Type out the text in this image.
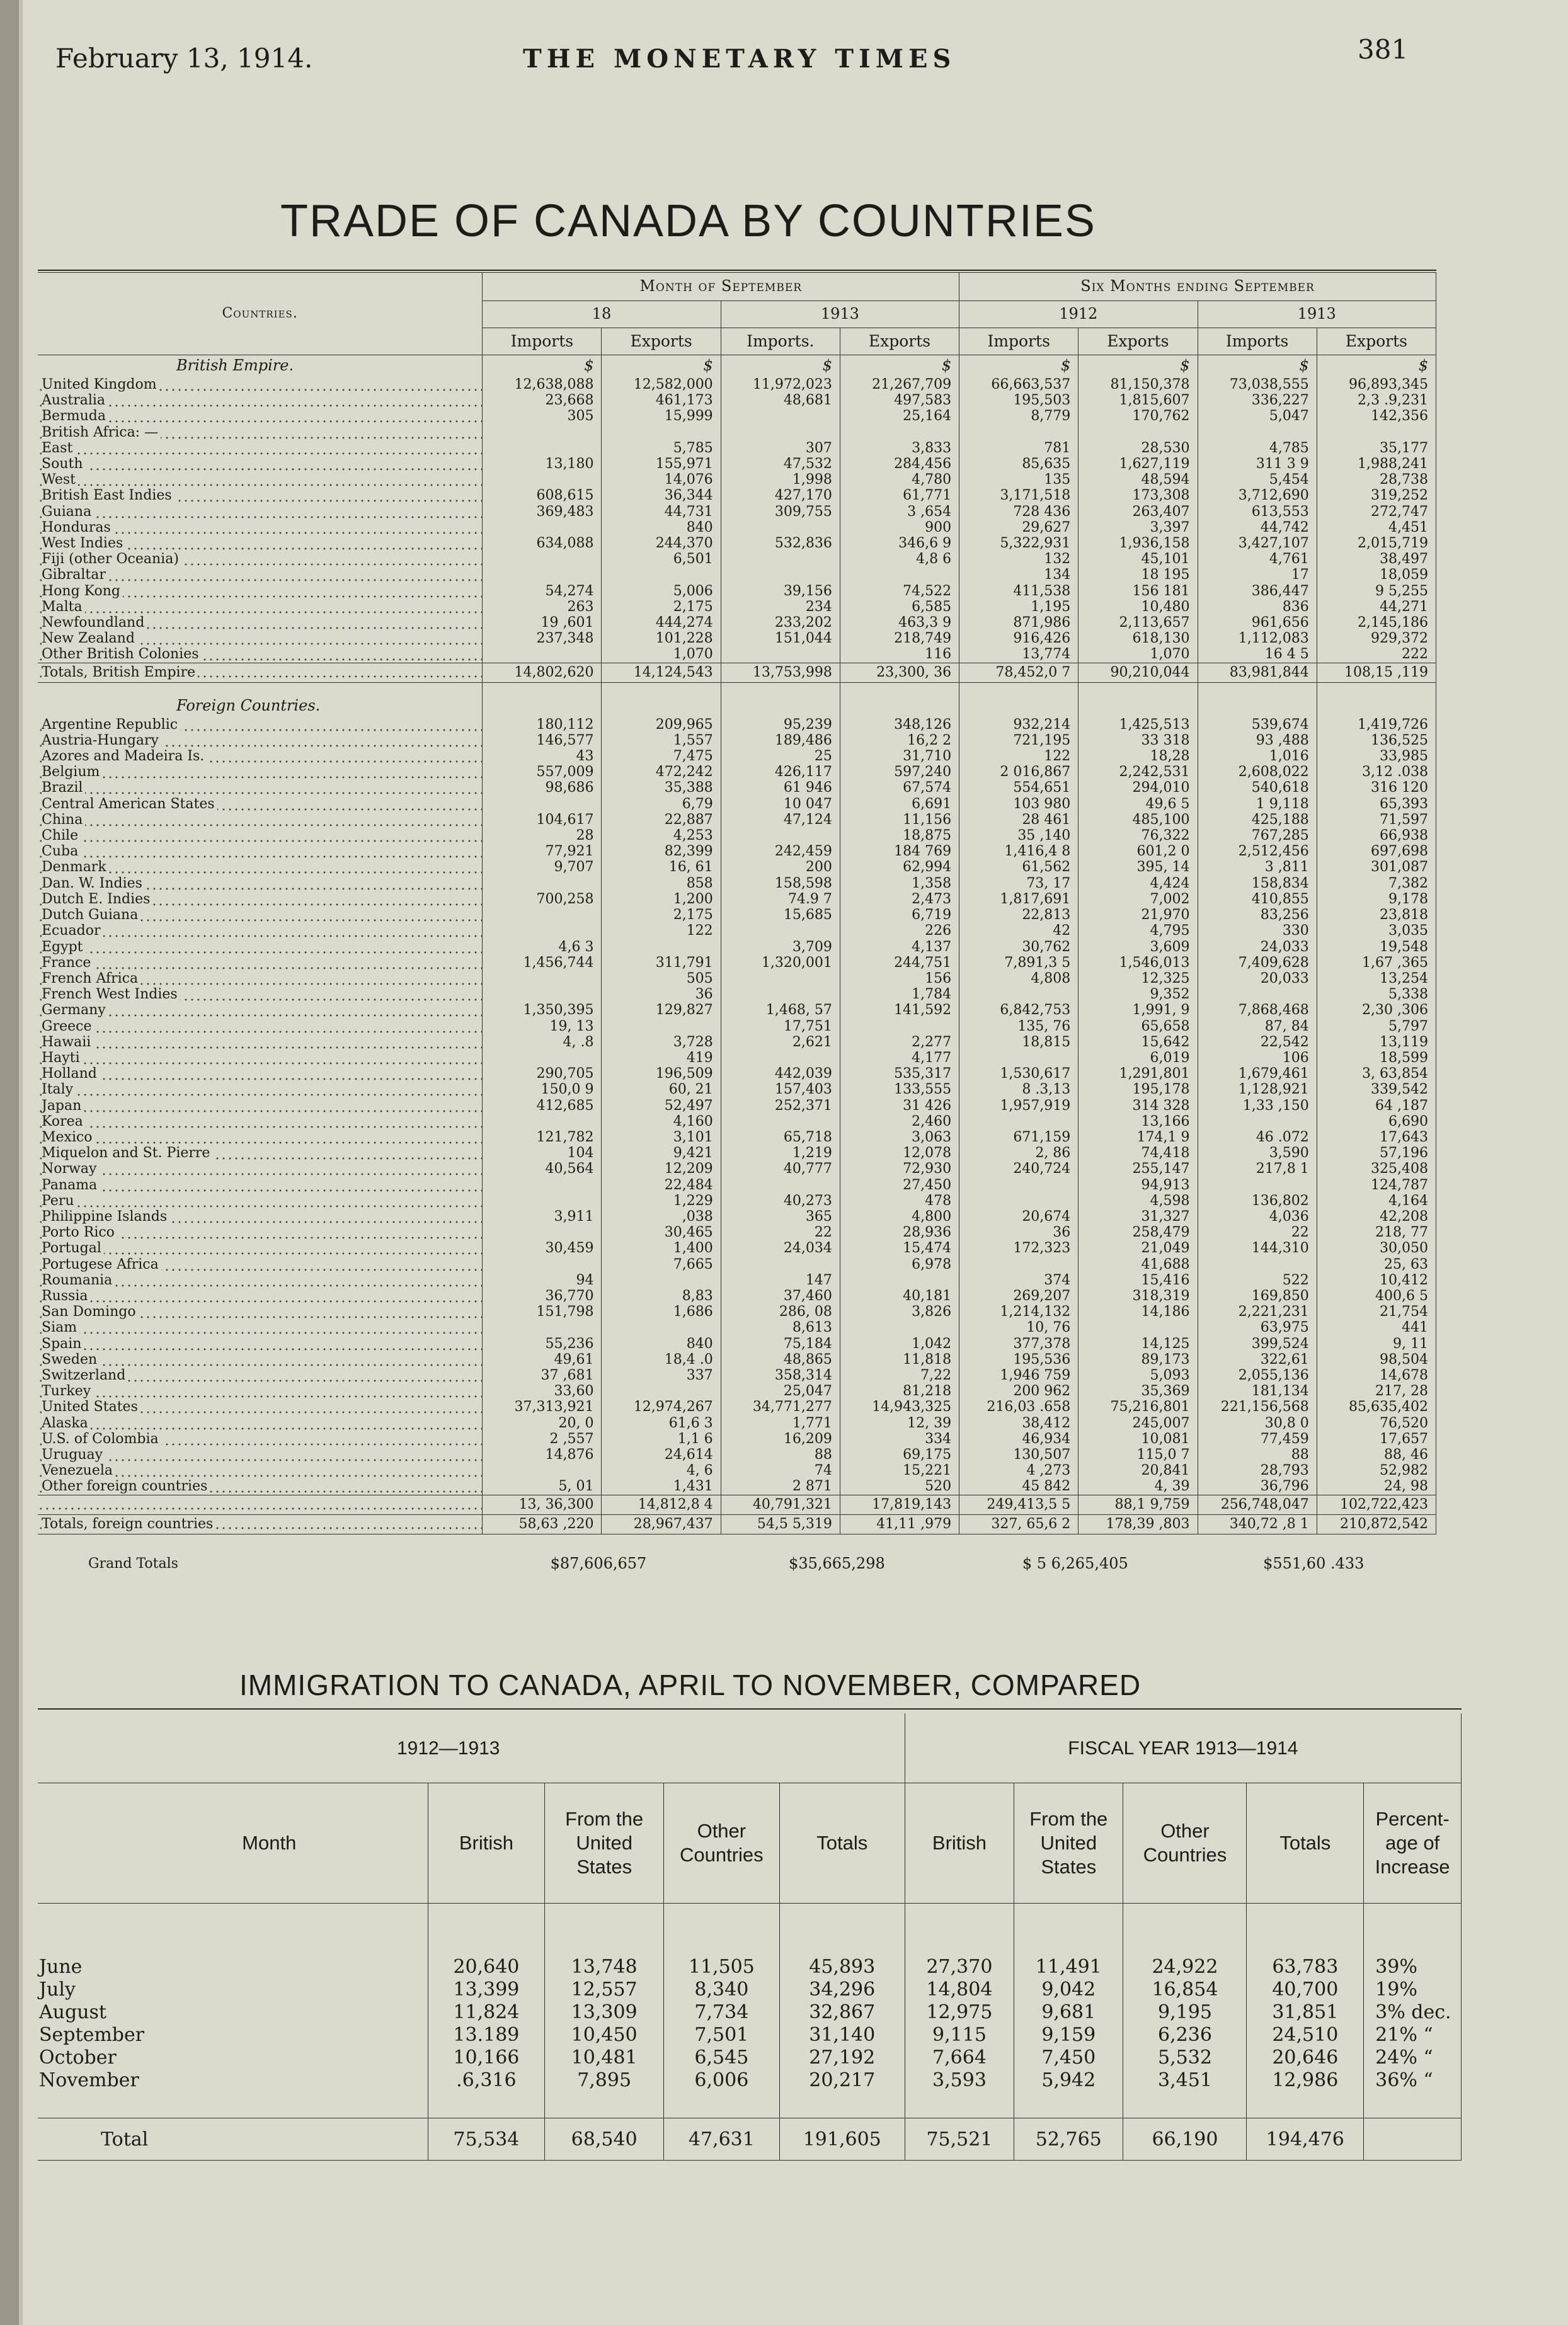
February 13, 1914.	THE MONETARY TIMES	381
TRADE OF CANADA BY COUNTRIES
Countries.	Month of September				Six Months ending September			
	18		1913		1912		1913	
	Imports	Exports	Imports.	Exports	Imports	Exports	Imports	Exports
British Empire.	$	$	$	$	$	$	$	$
United Kingdom	12,638,088	12,582,000	11,972,023	21,267,709	66,663,537	81,150,378	73,038,555	96,893,345
Australia	23,668	461,173	48,681	497,583	195,503	1,815,607	336,227	2,3 .9,231
Bermuda	305	15,999		25,164	8,779	170,762	5,047	142,356
British Africa: —								
East		5,785	307	3,833	781	28,530	4,785	35,177
South	13,180	155,971	47,532	284,456	85,635	1,627,119	311 3 9	1,988,241
West		14,076	1,998	4,780	135	48,594	5,454	28,738
British East Indies	608,615	36,344	427,170	61,771	3,171,518	173,308	3,712,690	319,252
Guiana	369,483	44,731	309,755	3 ,654	728 436	263,407	613,553	272,747
Honduras		840		900	29,627	3,397	44,742	4,451
West Indies	634,088	244,370	532,836	346,6 9	5,322,931	1,936,158	3,427,107	2,015,719
Fiji (other Oceania)		6,501		4,8 6	132	45,101	4,761	38,497
Gibraltar					134	18 195	17	18,059
Hong Kong	54,274	5,006	39,156	74,522	411,538	156 181	386,447	9 5,255
Malta	263	2,175	234	6,585	1,195	10,480	836	44,271
Newfoundland	19 ,601	444,274	233,202	463,3 9	871,986	2,113,657	961,656	2,145,186
New Zealand	237,348	101,228	151,044	218,749	916,426	618,130	1,112,083	929,372
Other British Colonies		1,070		116	13,774	1,070	16 4 5	222
Totals, British Empire	14,802,620	14,124,543	13,753,998	23,300, 36	78,452,0 7	90,210,044	83,981,844	108,15 ,119

Foreign Countries.								
Argentine Republic	180,112	209,965	95,239	348,126	932,214	1,425,513	539,674	1,419,726
Austria-Hungary	146,577	1,557	189,486	16,2 2	721,195	33 318	93 ,488	136,525
Azores and Madeira Is.	43	7,475	25	31,710	122	18,28	1,016	33,985
Belgium	557,009	472,242	426,117	597,240	2 016,867	2,242,531	2,608,022	3,12 .038
Brazil	98,686	35,388	61 946	67,574	554,651	294,010	540,618	316 120
Central American States		6,79	10 047	6,691	103 980	49,6 5	1 9,118	65,393
China	104,617	22,887	47,124	11,156	28 461	485,100	425,188	71,597
Chile	28	4,253		18,875	35 ,140	76,322	767,285	66,938
Cuba	77,921	82,399	242,459	184 769	1,416,4 8	601,2 0	2,512,456	697,698
Denmark	9,707	16, 61	200	62,994	61,562	395, 14	3 ,811	301,087
Dan. W. Indies		858	158,598	1,358	73, 17	4,424	158,834	7,382
Dutch E. Indies	700,258	1,200	74.9 7	2,473	1,817,691	7,002	410,855	9,178
Dutch Guiana		2,175	15,685	6,719	22,813	21,970	83,256	23,818
Ecuador		122		226	42	4,795	330	3,035
Egypt	4,6 3		3,709	4,137	30,762	3,609	24,033	19,548
France	1,456,744	311,791	1,320,001	244,751	7,891,3 5	1,546,013	7,409,628	1,67 ,365
French Africa		505		156	4,808	12,325	20,033	13,254
French West Indies		36		1,784		9,352		5,338
Germany	1,350,395	129,827	1,468, 57	141,592	6,842,753	1,991, 9	7,868,468	2,30 ,306
Greece	19, 13		17,751		135, 76	65,658	87, 84	5,797
Hawaii	4, .8	3,728	2,621	2,277	18,815	15,642	22,542	13,119
Hayti		419		4,177		6,019	106	18,599
Holland	290,705	196,509	442,039	535,317	1,530,617	1,291,801	1,679,461	3, 63,854
Italy	150,0 9	60, 21	157,403	133,555	8 .3,13	195,178	1,128,921	339,542
Japan	412,685	52,497	252,371	31 426	1,957,919	314 328	1,33 ,150	64 ,187
Korea		4,160		2,460		13,166		6,690
Mexico	121,782	3,101	65,718	3,063	671,159	174,1 9	46 .072	17,643
Miquelon and St. Pierre	104	9,421	1,219	12,078	2, 86	74,418	3,590	57,196
Norway	40,564	12,209	40,777	72,930	240,724	255,147	217,8 1	325,408
Panama		22,484		27,450		94,913		124,787
Peru		1,229	40,273	478		4,598	136,802	4,164
Philippine Islands	3,911	,038	365	4,800	20,674	31,327	4,036	42,208
Porto Rico		30,465	22	28,936	36	258,479	22	218, 77
Portugal	30,459	1,400	24,034	15,474	172,323	21,049	144,310	30,050
Portugese Africa		7,665		6,978		41,688		25, 63
Roumania	94		147		374	15,416	522	10,412
Russia	36,770	8,83	37,460	40,181	269,207	318,319	169,850	400,6 5
San Domingo	151,798	1,686	286, 08	3,826	1,214,132	14,186	2,221,231	21,754
Siam			8,613		10, 76		63,975	441
Spain	55,236	840	75,184	1,042	377,378	14,125	399,524	9, 11
Sweden	49,61	18,4 .0	48,865	11,818	195,536	89,173	322,61	98,504
Switzerland	37 ,681	337	358,314	7,22	1,946 759	5,093	2,055,136	14,678
Turkey	33,60		25,047	81,218	200 962	35,369	181,134	217, 28
United States	37,313,921	12,974,267	34,771,277	14,943,325	216,03 .658	75,216,801	221,156,568	85,635,402
Alaska	20, 0	61,6 3	1,771	12, 39	38,412	245,007	30,8 0	76,520
U.S. of Colombia	2 ,557	1,1 6	16,209	334	46,934	10,081	77,459	17,657
Uruguay	14,876	24,614	88	69,175	130,507	115,0 7	88	88, 46
Venezuela		4, 6	74	15,221	4 ,273	20,841	28,793	52,982
Other foreign countries	5, 01	1,431	2 871	520	45 842	4, 39	36,796	24, 98
	13, 36,300	14,812,8 4	40,791,321	17,819,143	249,413,5 5	88,1 9,759	256,748,047	102,722,423
Totals, foreign countries	58,63 ,220	28,967,437	54,5 5,319	41,11 ,979	327, 65,6 2	178,39 ,803	340,72 ,8 1	210,872,542
Grand Totals	$87,606,657		$35,665,298		$ 5 6,265,405		$551,60 .433	
IMMIGRATION TO CANADA, APRIL TO NOVEMBER, COMPARED
1912—1913					FISCAL YEAR 1913—1914				
Month	British	From the United States	Other Countries	Totals	British	From the United States	Other Countries	Totals	Percent-age of Increase

June	20,640	13,748	11,505	45,893	27,370	11,491	24,922	63,783	39%
July	13,399	12,557	8,340	34,296	14,804	9,042	16,854	40,700	19%
August	11,824	13,309	7,734	32,867	12,975	9,681	9,195	31,851	3% dec.
September	13.189	10,450	7,501	31,140	9,115	9,159	6,236	24,510	21% “
October	10,166	10,481	6,545	27,192	7,664	7,450	5,532	20,646	24% “
November	.6,316	7,895	6,006	20,217	3,593	5,942	3,451	12,986	36% “

Total	75,534	68,540	47,631	191,605	75,521	52,765	66,190	194,476	
